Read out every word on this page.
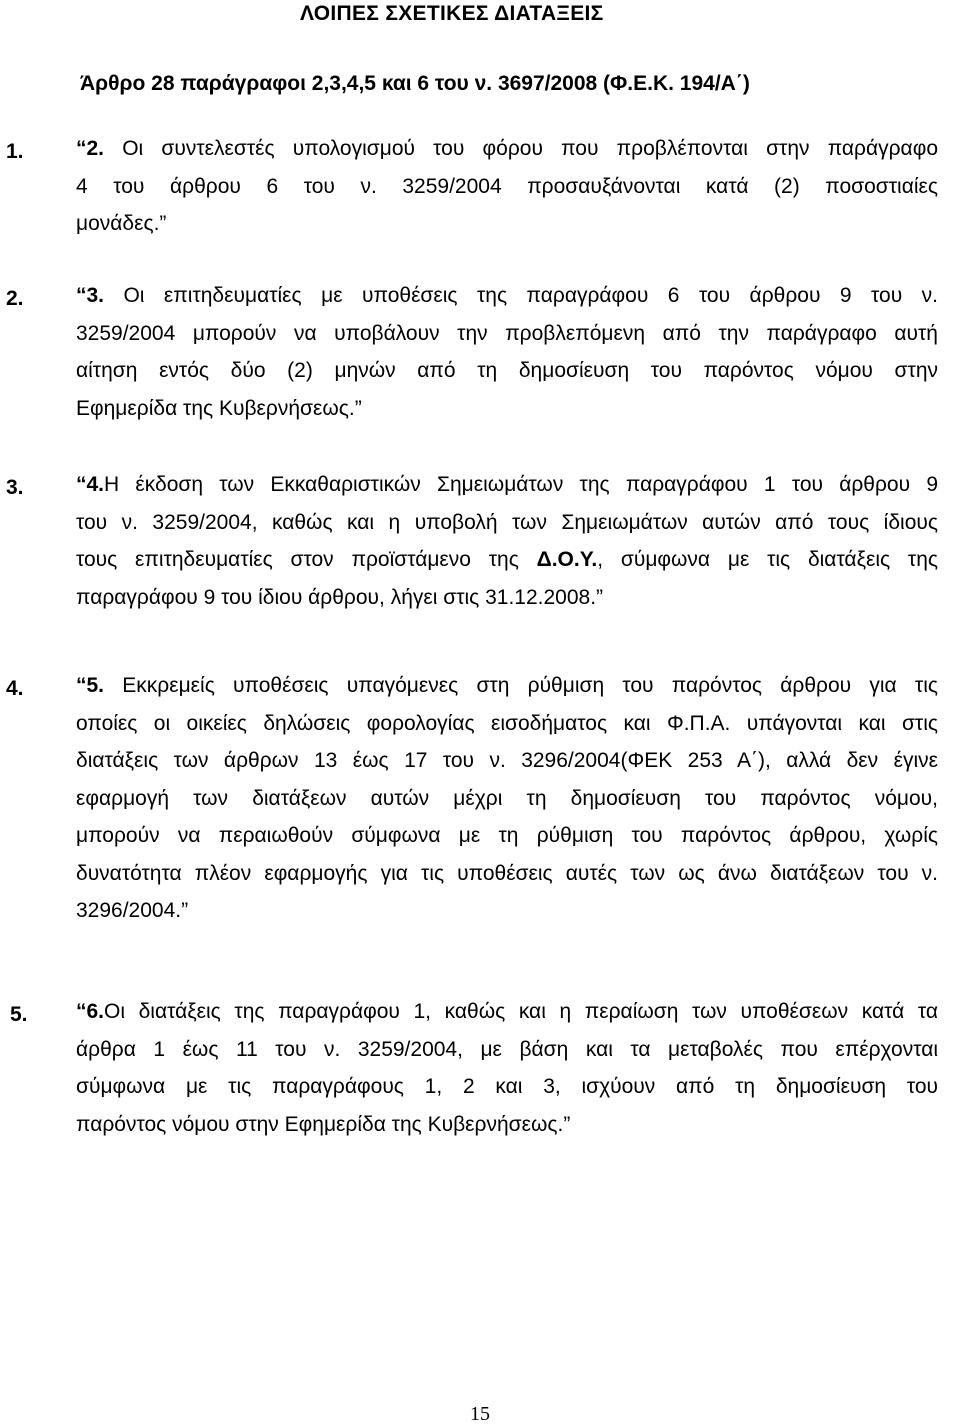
ΛΟΙΠΕΣ ΣΧΕΤΙΚΕΣ ΔΙΑΤΑΞΕΙΣ
Άρθρο 28 παράγραφοι 2,3,4,5 και 6 του ν. 3697/2008 (Φ.Ε.Κ. 194/Α΄)
1. “2. Οι συντελεστές υπολογισμού του φόρου που προβλέπονται στην παράγραφο
4 του άρθρου 6 του ν. 3259/2004 προσαυξάνονται κατά (2) ποσοστιαίες
μονάδες.”
2. “3. Οι επιτηδευματίες με υποθέσεις της παραγράφου 6 του άρθρου 9 του ν.
3259/2004 μπορούν να υποβάλουν την προβλεπόμενη από την παράγραφο αυτή
αίτηση εντός δύο (2) μηνών από τη δημοσίευση του παρόντος νόμου στην
Εφημερίδα της Κυβερνήσεως.”
3. “4.Η έκδοση των Εκκαθαριστικών Σημειωμάτων της παραγράφου 1 του άρθρου 9
του ν. 3259/2004, καθώς και η υποβολή των Σημειωμάτων αυτών από τους ίδιους
τους επιτηδευματίες στον προϊστάμενο της Δ.Ο.Υ., σύμφωνα με τις διατάξεις της
παραγράφου 9 του ίδιου άρθρου, λήγει στις 31.12.2008.”
4. “5. Εκκρεμείς υποθέσεις υπαγόμενες στη ρύθμιση του παρόντος άρθρου για τις
οποίες οι οικείες δηλώσεις φορολογίας εισοδήματος και Φ.Π.Α. υπάγονται και στις
διατάξεις των άρθρων 13 έως 17 του ν. 3296/2004(ΦΕΚ 253 Α΄), αλλά δεν έγινε
εφαρμογή των διατάξεων αυτών μέχρι τη δημοσίευση του παρόντος νόμου,
μπορούν να περαιωθούν σύμφωνα με τη ρύθμιση του παρόντος άρθρου, χωρίς
δυνατότητα πλέον εφαρμογής για τις υποθέσεις αυτές των ως άνω διατάξεων του ν.
3296/2004.”
5. “6.Οι διατάξεις της παραγράφου 1, καθώς και η περαίωση των υποθέσεων κατά τα
άρθρα 1 έως 11 του ν. 3259/2004, με βάση και τα μεταβολές που επέρχονται
σύμφωνα με τις παραγράφους 1, 2 και 3, ισχύουν από τη δημοσίευση του
παρόντος νόμου στην Εφημερίδα της Κυβερνήσεως.”
15
